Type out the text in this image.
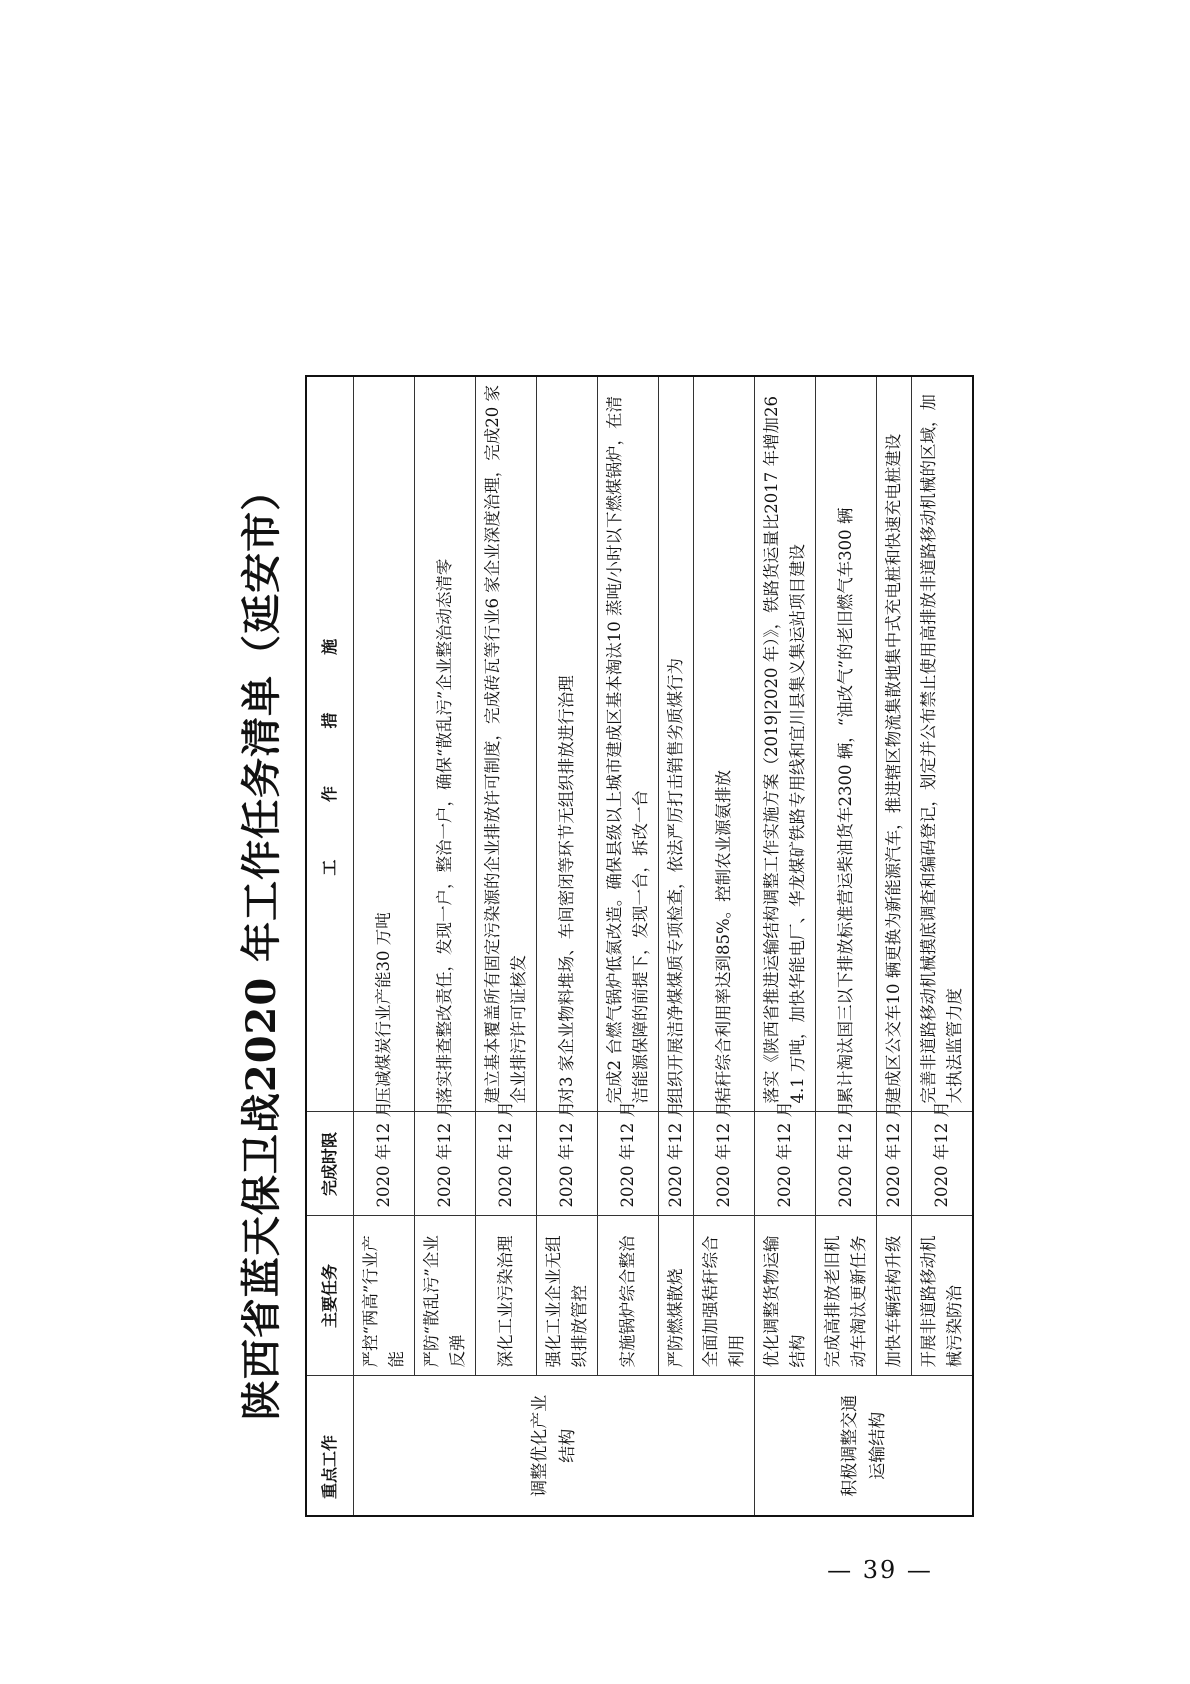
陕西省蓝天保卫战2020 年工作任务清单（延安市）
重点工作	主要任务	完成时限	工 作 措 施
调整优化产业结构	严控“两高”行业产能	2020 年12 月	压减煤炭行业产能30 万吨
	严防“散乱污”企业反弹	2020 年12 月	落实排查整改责任，发现一户，整治一户，确保“散乱污”企业整治动态清零
	深化工业污染治理	2020 年12 月	建立基本覆盖所有固定污染源的企业排放许可制度，完成砖瓦等行业6 家企业深度治理，完成20 家企业排污许可证核发
	强化工业企业无组织排放管控	2020 年12 月	对3 家企业物料堆场、车间密闭等环节无组织排放进行治理
	实施锅炉综合整治	2020 年12 月	完成2 台燃气锅炉低氮改造。确保县级以上城市建成区基本淘汰10 蒸吨/小时以下燃煤锅炉，在清洁能源保障的前提下，发现一台，拆改一台
	严防燃煤散烧	2020 年12 月	组织开展洁净煤煤质专项检查，依法严厉打击销售劣质煤行为
	全面加强秸秆综合利用	2020 年12 月	秸秆综合利用率达到85%。控制农业源氨排放
积极调整交通运输结构	优化调整货物运输结构	2020 年12 月	落实《陕西省推进运输结构调整工作实施方案（2019|2020 年）》，铁路货运量比2017 年增加264.1 万吨，加快华能电厂、华龙煤矿铁路专用线和宜川县集义集运站项目建设
	完成高排放老旧机动车淘汰更新任务	2020 年12 月	累计淘汰国三以下排放标准营运柴油货车2300 辆，“油改气”的老旧燃气车300 辆
	加快车辆结构升级	2020 年12 月	建成区公交车10 辆更换为新能源汽车，推进辖区物流集散地集中式充电桩和快速充电桩建设
	开展非道路移动机械污染防治	2020 年12 月	完善非道路移动机械摸底调查和编码登记，划定并公布禁止使用高排放非道路移动机械的区域，加大执法监管力度
— 39 —
